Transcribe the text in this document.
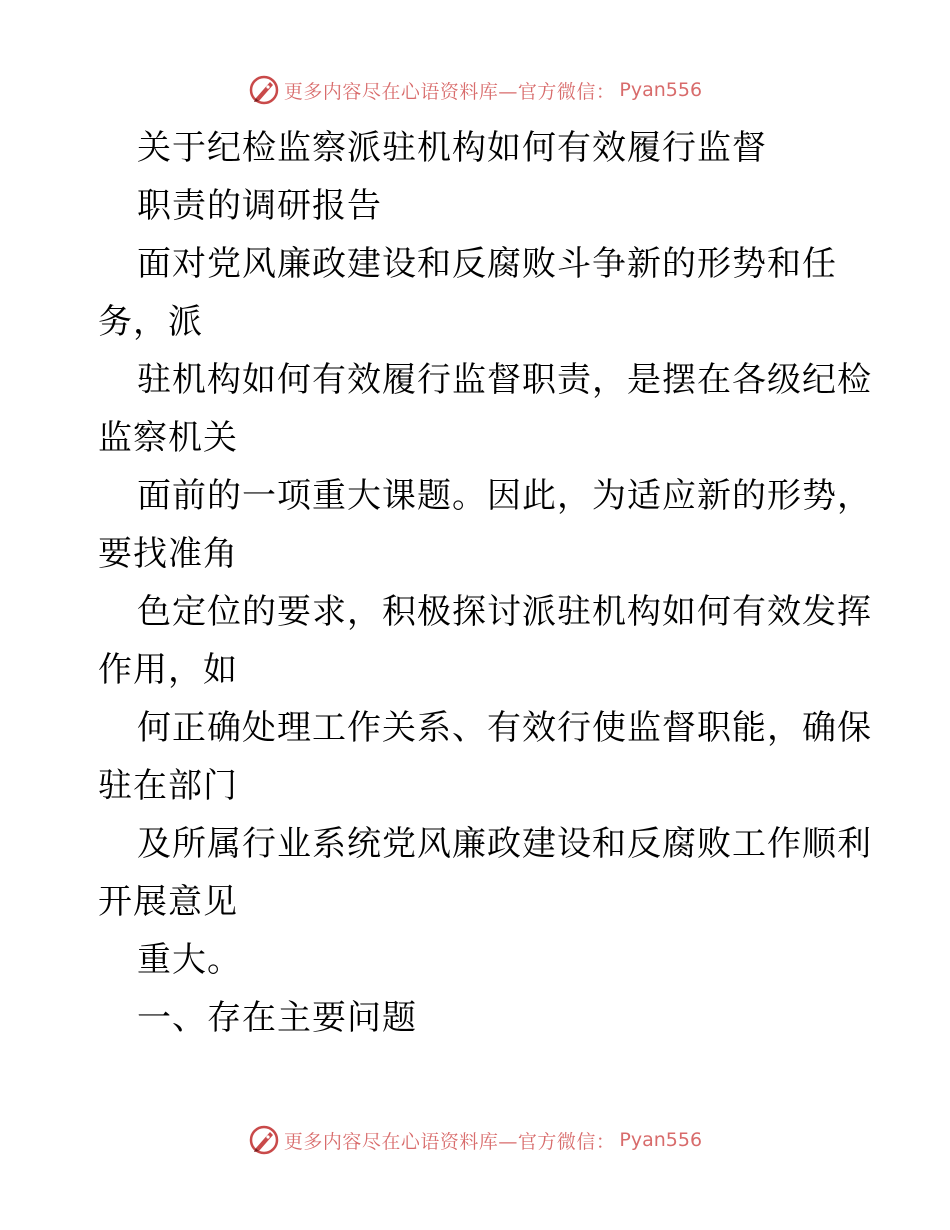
更多内容尽在心语资料库—官方微信： Pyan556
关于纪检监察派驻机构如何有效履行监督
职责的调研报告
面对党风廉政建设和反腐败斗争新的形势和任
务，派
驻机构如何有效履行监督职责，是摆在各级纪检
监察机关
面前的一项重大课题。因此，为适应新的形势，
要找准角
色定位的要求，积极探讨派驻机构如何有效发挥
作用，如
何正确处理工作关系、有效行使监督职能，确保
驻在部门
及所属行业系统党风廉政建设和反腐败工作顺利
开展意见
重大。
一、存在主要问题
更多内容尽在心语资料库—官方微信： Pyan556
